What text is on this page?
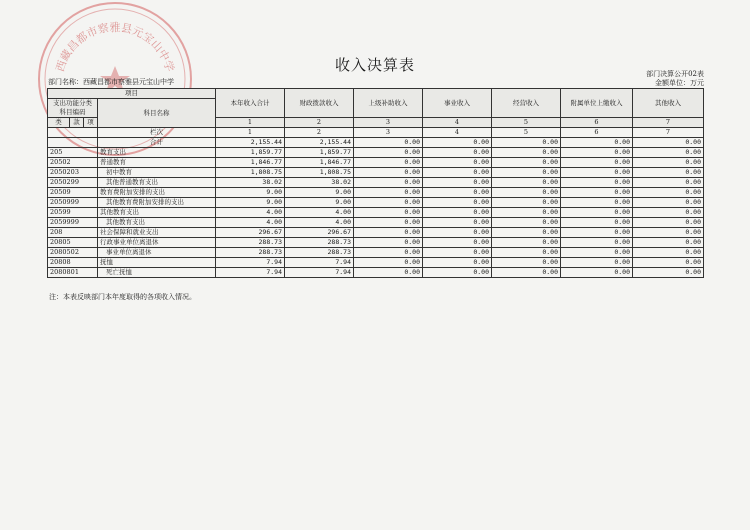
西藏昌都市察雅县元宝山中学	收入决算表
部门名称：西藏昌都市察雅县元宝山中学
部门决算公开02表
金额单位：万元
项目				本年收入合计	财政拨款收入	上级补助收入	事业收入	经营收入	附属单位上缴收入	其他收入
支出功能分类科目编码			科目名称							
类	款	项		1	2	3	4	5	6	7
			栏次	1	2	3	4	5	6	7
			合计	2,155.44	2,155.44	0.00	0.00	0.00	0.00	0.00
205			教育支出	1,859.77	1,859.77	0.00	0.00	0.00	0.00	0.00
20502			普通教育	1,846.77	1,846.77	0.00	0.00	0.00	0.00	0.00
2050203			初中教育	1,808.75	1,808.75	0.00	0.00	0.00	0.00	0.00
2050299			其他普通教育支出	38.02	38.02	0.00	0.00	0.00	0.00	0.00
20509			教育费附加安排的支出	9.00	9.00	0.00	0.00	0.00	0.00	0.00
2050999			其他教育费附加安排的支出	9.00	9.00	0.00	0.00	0.00	0.00	0.00
20599			其他教育支出	4.00	4.00	0.00	0.00	0.00	0.00	0.00
2059999			其他教育支出	4.00	4.00	0.00	0.00	0.00	0.00	0.00
208			社会保障和就业支出	296.67	296.67	0.00	0.00	0.00	0.00	0.00
20805			行政事业单位离退休	288.73	288.73	0.00	0.00	0.00	0.00	0.00
2080502			事业单位离退休	288.73	288.73	0.00	0.00	0.00	0.00	0.00
20808			抚恤	7.94	7.94	0.00	0.00	0.00	0.00	0.00
2080801			死亡抚恤	7.94	7.94	0.00	0.00	0.00	0.00	0.00
注：本表反映部门本年度取得的各项收入情况。
